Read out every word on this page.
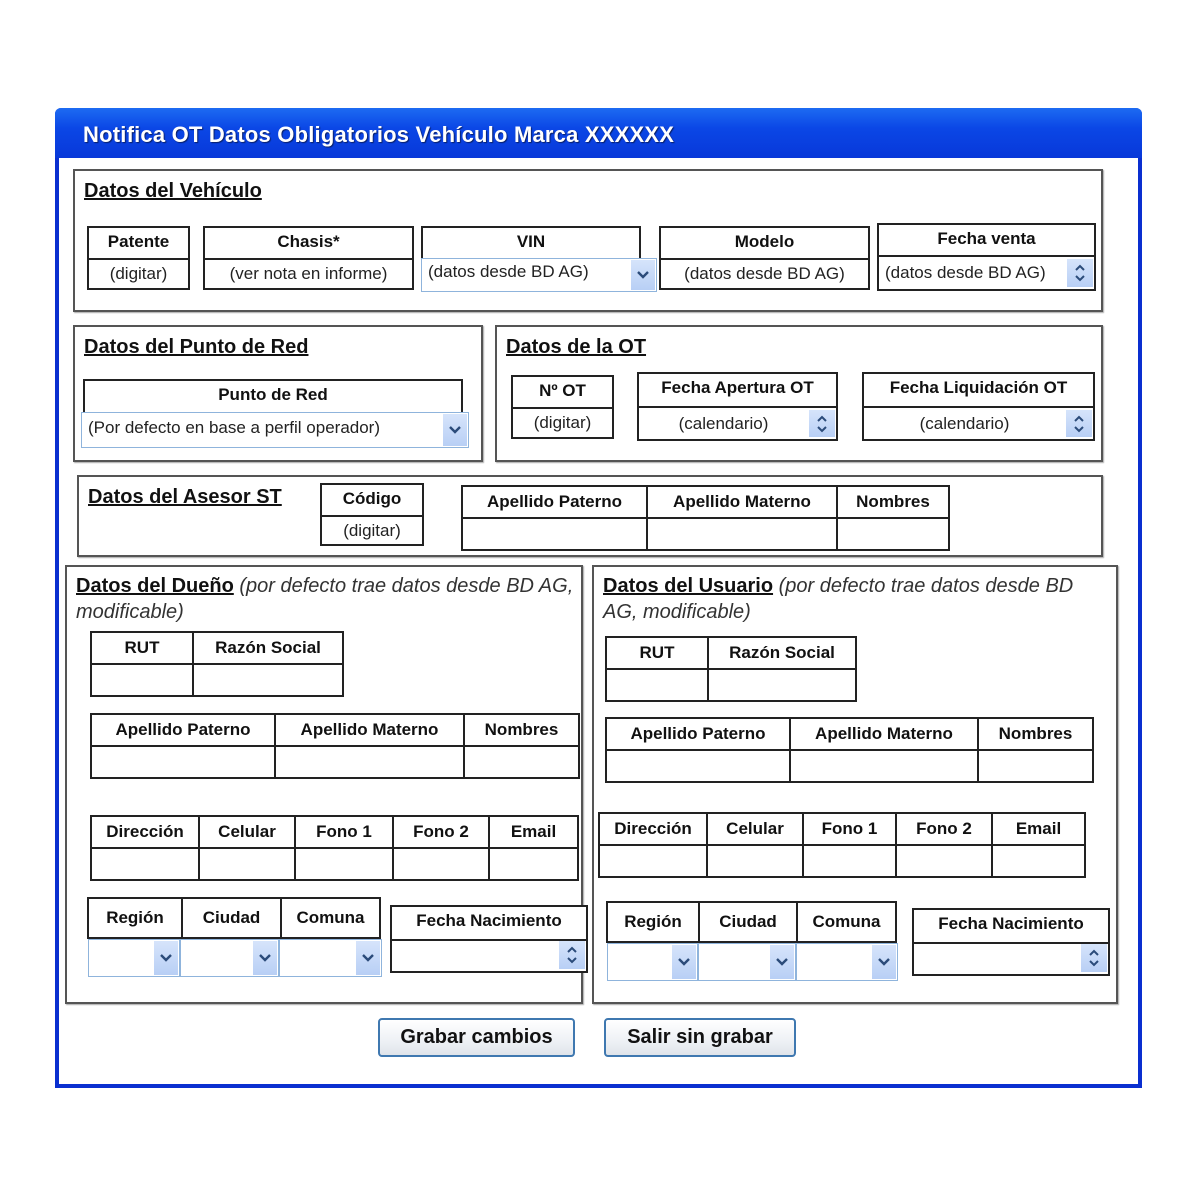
Notifica OT Datos Obligatorios Vehículo Marca XXXXXX
Datos del Vehículo
Patente
(digitar)
Chasis*
(ver nota en informe)
VIN
(datos desde BD AG)
Modelo
(datos desde BD AG)
Fecha venta
(datos desde BD AG)
Datos del Punto de Red
Punto de Red
(Por defecto en base a perfil operador)
Datos de la OT
Nº OT
(digitar)
Fecha Apertura OT
(calendario)
Fecha Liquidación OT
(calendario)
Datos del Asesor ST	Código
(digitar)
Apellido Paterno	Apellido Materno	Nombres

Datos del Dueño (por defecto trae datos desde BD AG, modificable)
RUT	Razón Social

Apellido Paterno	Apellido Materno	Nombres

Dirección	Celular	Fono 1	Fono 2	Email

Región	Ciudad	Comuna	Fecha Nacimiento
Datos del Usuario (por defecto trae datos desde BD AG, modificable)
RUT	Razón Social

Apellido Paterno	Apellido Materno	Nombres

Dirección	Celular	Fono 1	Fono 2	Email

Región	Ciudad	Comuna	Fecha Nacimiento
Grabar cambios	Salir sin grabar
